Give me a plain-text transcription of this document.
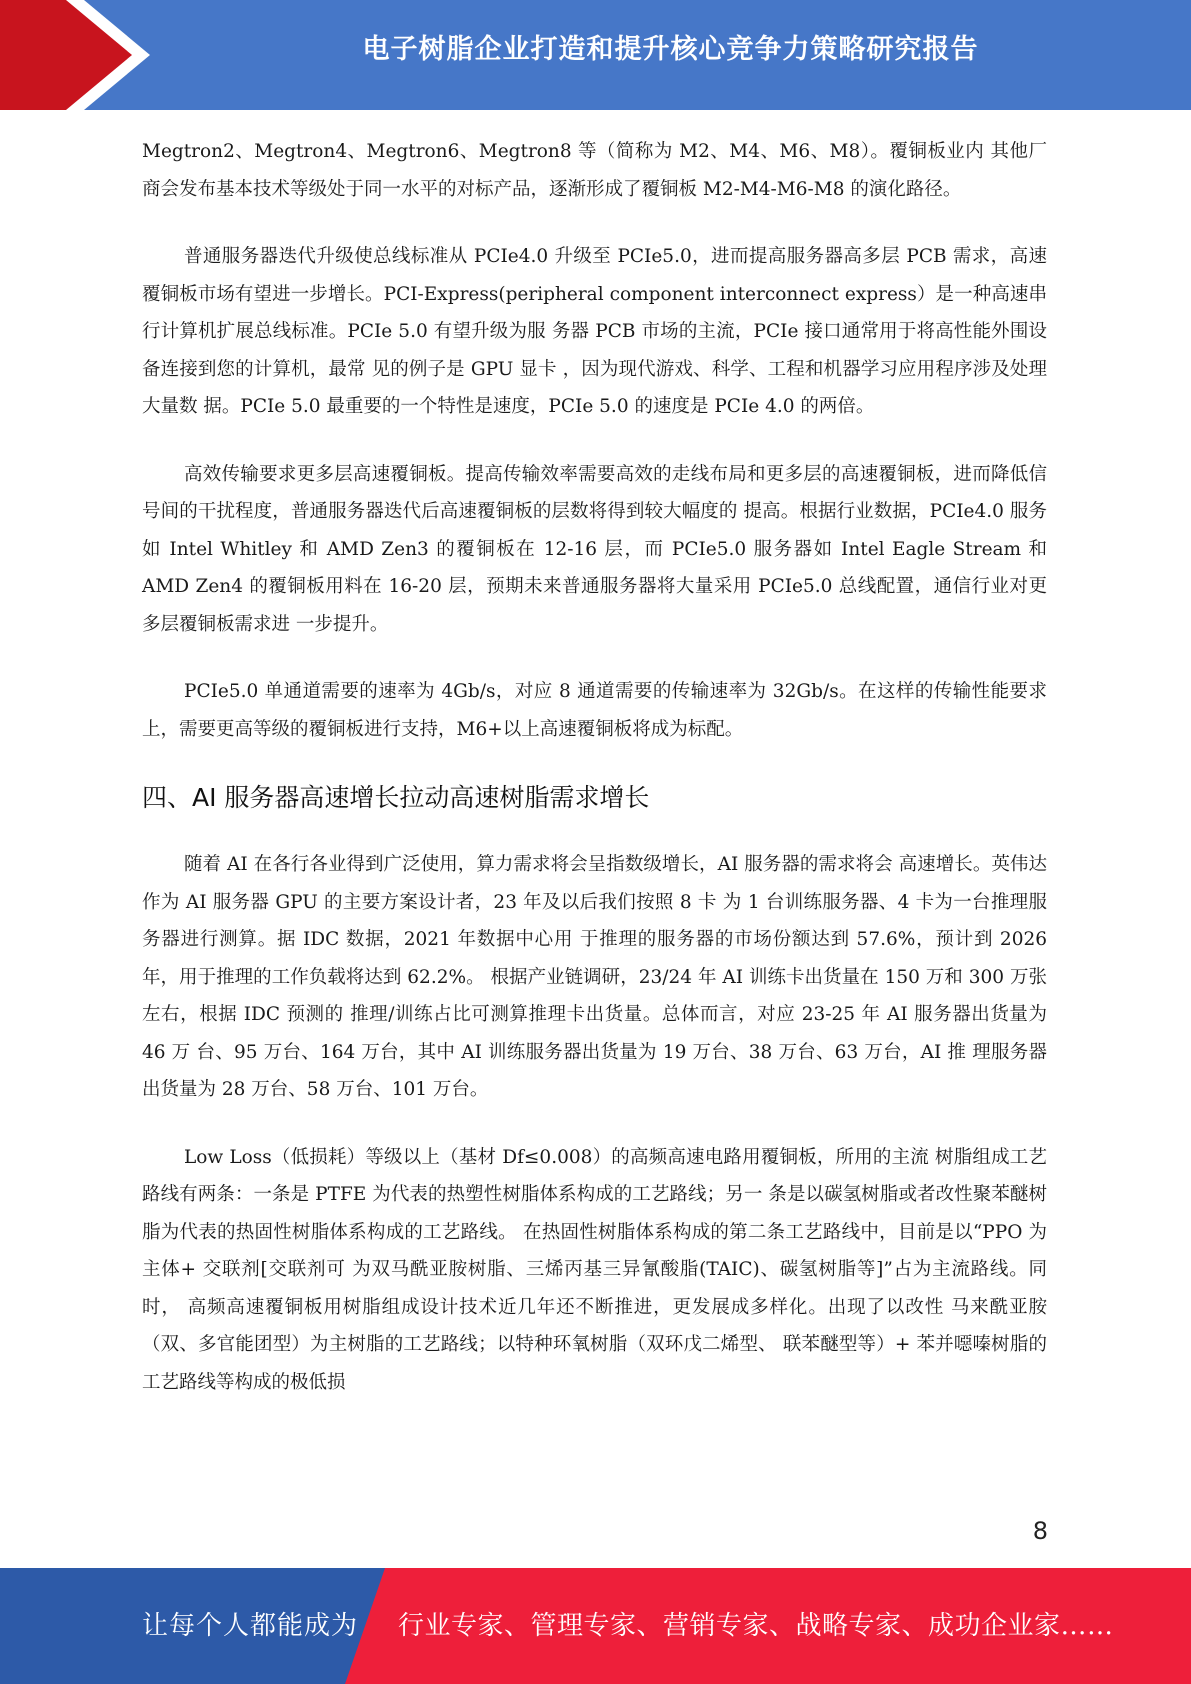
电子树脂企业打造和提升核心竞争力策略研究报告

Megtron2、Megtron4、Megtron6、Megtron8 等（简称为 M2、M4、M6、M8）。覆铜板业内 其他厂商会发布基本技术等级处于同一水平的对标产品，逐渐形成了覆铜板 M2-M4-M6-M8 的演化路径。

普通服务器迭代升级使总线标准从 PCIe4.0 升级至 PCIe5.0，进而提高服务器高多层 PCB 需求，高速覆铜板市场有望进一步增长。PCI-Express(peripheral component interconnect express）是一种高速串行计算机扩展总线标准。PCIe 5.0 有望升级为服 务器 PCB 市场的主流，PCIe 接口通常用于将高性能外围设备连接到您的计算机，最常 见的例子是 GPU 显卡 ，因为现代游戏、科学、工程和机器学习应用程序涉及处理大量数 据。PCIe 5.0 最重要的一个特性是速度，PCIe 5.0 的速度是 PCIe 4.0 的两倍。

高效传输要求更多层高速覆铜板。提高传输效率需要高效的走线布局和更多层的高速覆铜板，进而降低信号间的干扰程度，普通服务器迭代后高速覆铜板的层数将得到较大幅度的 提高。根据行业数据，PCIe4.0 服务如 Intel Whitley 和 AMD Zen3 的覆铜板在 12-16 层，而 PCIe5.0 服务器如 Intel Eagle Stream 和 AMD Zen4 的覆铜板用料在 16-20 层，预期未来普通服务器将大量采用 PCIe5.0 总线配置，通信行业对更多层覆铜板需求进 一步提升。

PCIe5.0 单通道需要的速率为 4Gb/s，对应 8 通道需要的传输速率为 32Gb/s。在这样的传输性能要求上，需要更高等级的覆铜板进行支持，M6+以上高速覆铜板将成为标配。

四、AI 服务器高速增长拉动高速树脂需求增长

随着 AI 在各行各业得到广泛使用，算力需求将会呈指数级增长，AI 服务器的需求将会 高速增长。英伟达作为 AI 服务器 GPU 的主要方案设计者，23 年及以后我们按照 8 卡 为 1 台训练服务器、4 卡为一台推理服务器进行测算。据 IDC 数据，2021 年数据中心用 于推理的服务器的市场份额达到 57.6%，预计到 2026 年，用于推理的工作负载将达到 62.2%。 根据产业链调研，23/24 年 AI 训练卡出货量在 150 万和 300 万张左右，根据 IDC 预测的 推理/训练占比可测算推理卡出货量。总体而言，对应 23-25 年 AI 服务器出货量为 46 万 台、95 万台、164 万台，其中 AI 训练服务器出货量为 19 万台、38 万台、63 万台，AI 推 理服务器出货量为 28 万台、58 万台、101 万台。

Low Loss（低损耗）等级以上（基材 Df≤0.008）的高频高速电路用覆铜板，所用的主流 树脂组成工艺路线有两条：一条是 PTFE 为代表的热塑性树脂体系构成的工艺路线；另一 条是以碳氢树脂或者改性聚苯醚树脂为代表的热固性树脂体系构成的工艺路线。 在热固性树脂体系构成的第二条工艺路线中，目前是以“PPO 为主体+ 交联剂[交联剂可 为双马酰亚胺树脂、三烯丙基三异氰酸脂(TAIC)、碳氢树脂等]”占为主流路线。同时， 高频高速覆铜板用树脂组成设计技术近几年还不断推进，更发展成多样化。出现了以改性 马来酰亚胺（双、多官能团型）为主树脂的工艺路线；以特种环氧树脂（双环戊二烯型、 联苯醚型等）+ 苯并噁嗪树脂的工艺路线等构成的极低损

8
让每个人都能成为 行业专家、管理专家、营销专家、战略专家、成功企业家……
